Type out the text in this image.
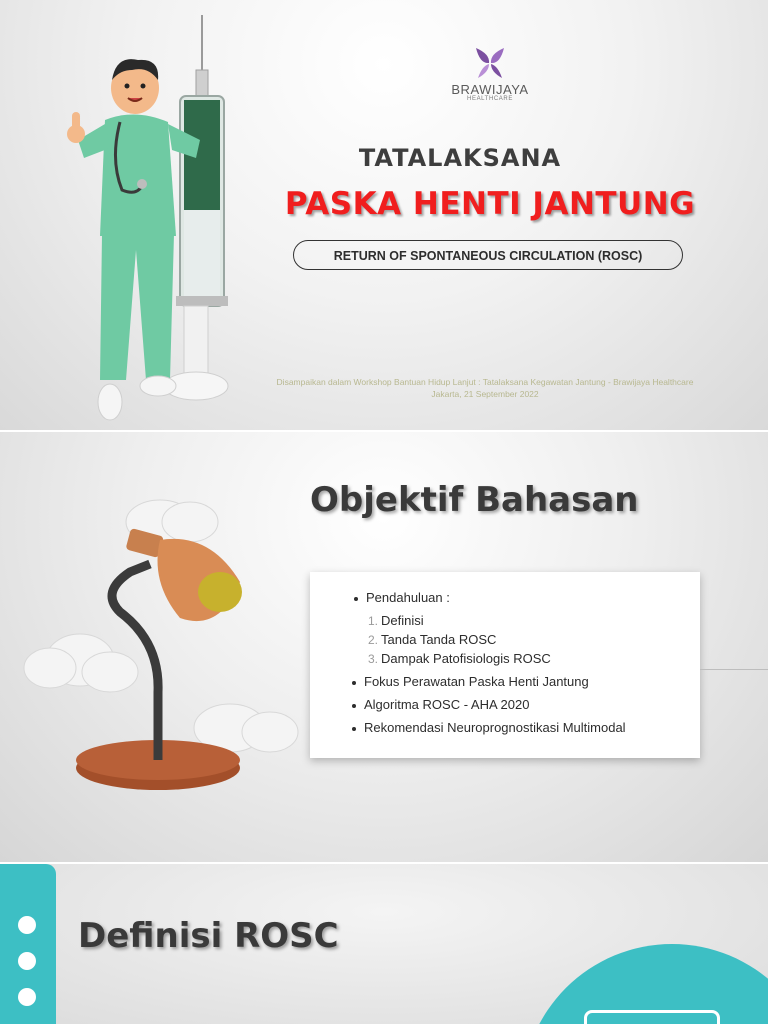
BRAWIJAYA
HEALTHCARE
TATALAKSANA
PASKA HENTI JANTUNG
RETURN OF SPONTANEOUS CIRCULATION (ROSC)
Disampaikan dalam Workshop Bantuan Hidup Lanjut : Tatalaksana Kegawatan Jantung - Brawijaya Healthcare
Jakarta, 21 September 2022
Objektif Bahasan
Pendahuluan :
1. Definisi
2. Tanda Tanda ROSC
3. Dampak Patofisiologis ROSC
Fokus Perawatan Paska Henti Jantung
Algoritma ROSC - AHA 2020
Rekomendasi Neuroprognostikasi Multimodal
Definisi ROSC
